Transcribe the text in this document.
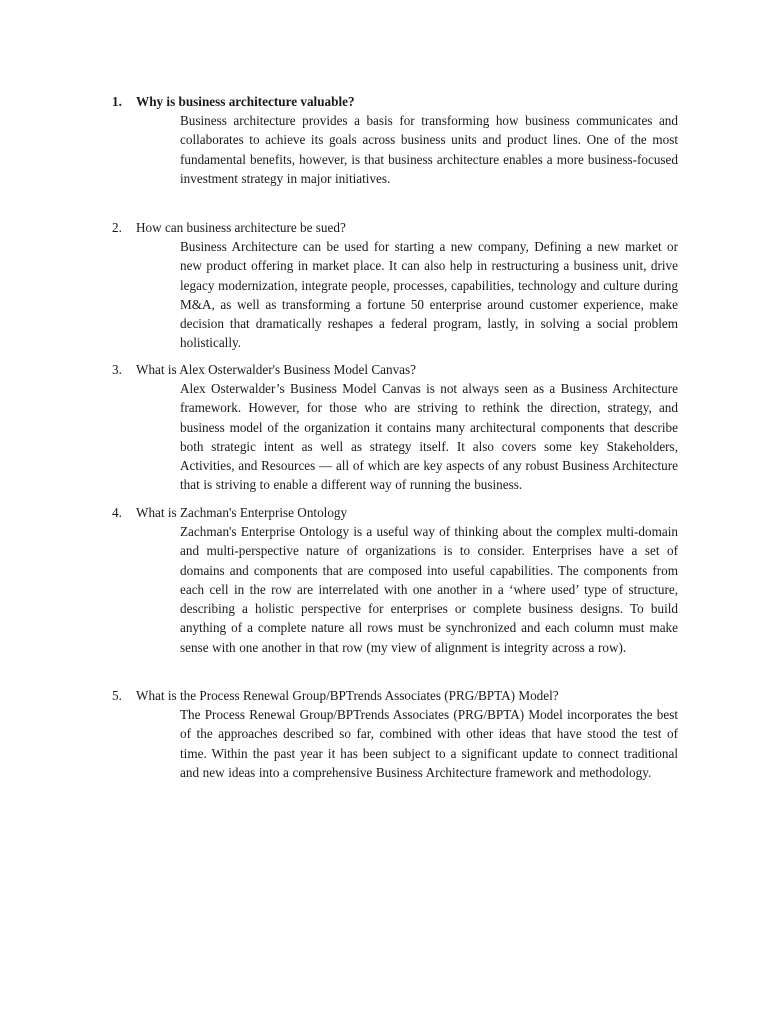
1.	Why is business architecture valuable?
Business architecture provides a basis for transforming how business communicates and collaborates to achieve its goals across business units and product lines. One of the most fundamental benefits, however, is that business architecture enables a more business-focused investment strategy in major initiatives.
2.	How can business architecture be sued?
Business Architecture can be used for starting a new company, Defining a new market or new product offering in market place. It can also help in restructuring a business unit, drive legacy modernization, integrate people, processes, capabilities, technology and culture during M&A, as well as transforming a fortune 50 enterprise around customer experience, make decision that dramatically reshapes a federal program, lastly, in solving a social problem holistically.
3.	What is Alex Osterwalder's Business Model Canvas?
Alex Osterwalder’s Business Model Canvas is not always seen as a Business Architecture framework. However, for those who are striving to rethink the direction, strategy, and business model of the organization it contains many architectural components that describe both strategic intent as well as strategy itself. It also covers some key Stakeholders, Activities, and Resources — all of which are key aspects of any robust Business Architecture that is striving to enable a different way of running the business.
4.	What is Zachman's Enterprise Ontology
Zachman's Enterprise Ontology is a useful way of thinking about the complex multi-domain and multi-perspective nature of organizations is to consider. Enterprises have a set of domains and components that are composed into useful capabilities. The components from each cell in the row are interrelated with one another in a ‘where used’ type of structure, describing a holistic perspective for enterprises or complete business designs. To build anything of a complete nature all rows must be synchronized and each column must make sense with one another in that row (my view of alignment is integrity across a row).
5.	What is the Process Renewal Group/BPTrends Associates (PRG/BPTA) Model?
The Process Renewal Group/BPTrends Associates (PRG/BPTA) Model incorporates the best of the approaches described so far, combined with other ideas that have stood the test of time. Within the past year it has been subject to a significant update to connect traditional and new ideas into a comprehensive Business Architecture framework and methodology.
